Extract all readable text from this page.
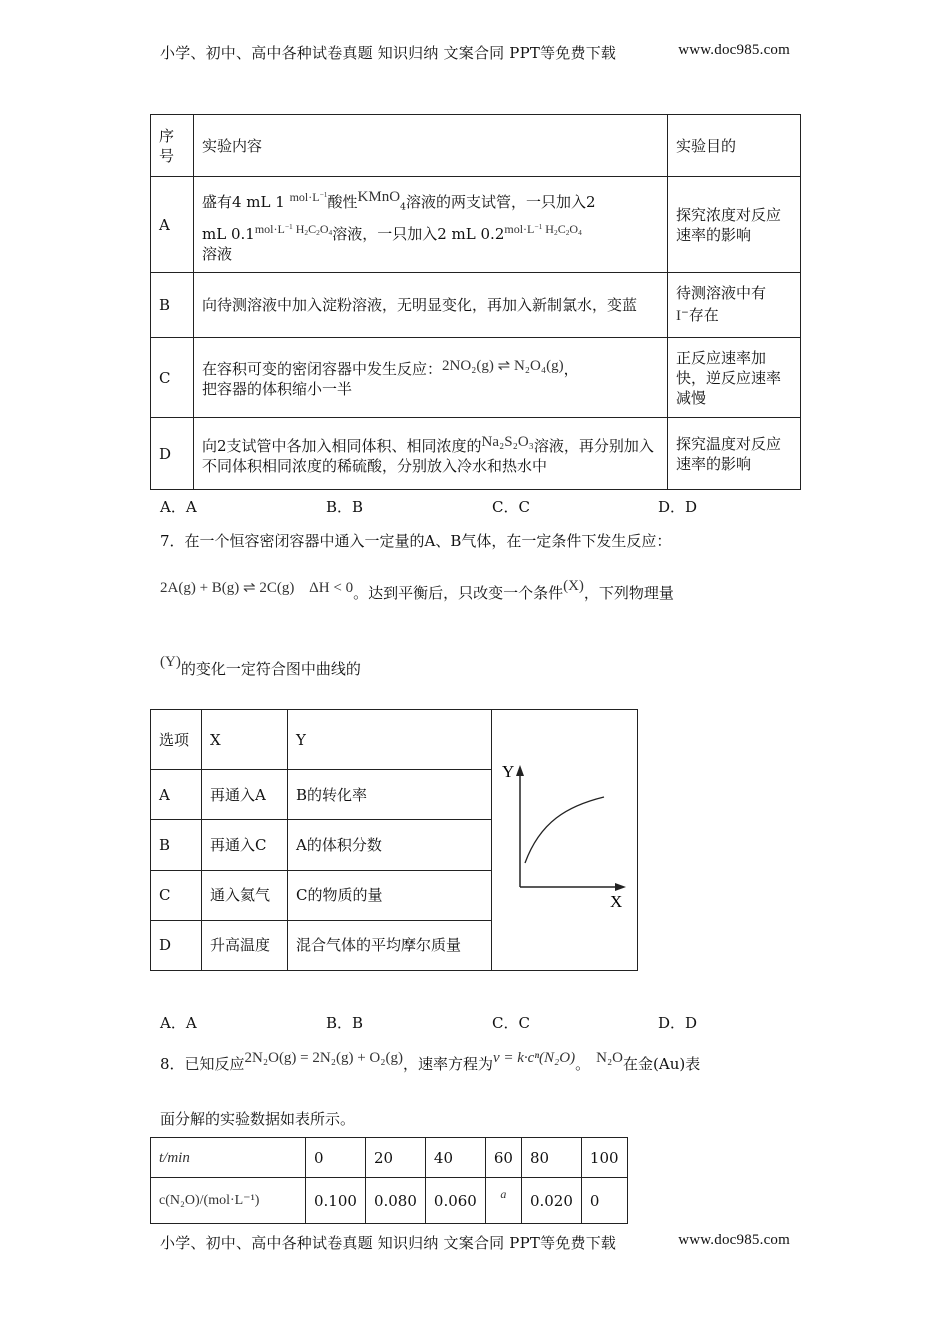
小学、初中、高中各种试卷真题 知识归纳 文案合同 PPT等免费下载	www.doc985.com
序号	实验内容	实验目的
A	盛有4 mL 1 $^{mol\cdot L^{-1}}$酸性KMnO$_4$溶液的两支试管，一只加入2
mL $0.1^{mol\cdot L^{-1} H_2C_2O_4}$溶液，一只加入2 mL $0.2^{mol\cdot L^{-1} H_2C_2O_4}$
溶液	探究浓度对反应速率的影响
B	向待测溶液中加入淀粉溶液，无明显变化，再加入新制氯水，变蓝	待测溶液中有
I−存在
C	在容积可变的密闭容器中发生反应：2NO₂(g) ⇌ N₂O₄(g)，
把容器的体积缩小一半	正反应速率加快，逆反应速率减慢
D	向2支试管中各加入相同体积、相同浓度的Na₂S₂O₃溶液，再分别加入不同体积相同浓度的稀硫酸，分别放入冷水和热水中	探究温度对反应速率的影响
A．A	B．B	C．C	D．D
7．在一个恒容密闭容器中通入一定量的A、B气体，在一定条件下发生反应：
2A(g) + B(g) ⇌ 2C(g) ΔH < 0。达到平衡后，只改变一个条件(X)，下列物理量
(Y)的变化一定符合图中曲线的
选项	X	Y	Y
X

A	再通入A	B的转化率	
B	再通入C	A的体积分数	
C	通入氦气	C的物质的量	
D	升高温度	混合气体的平均摩尔质量	
A．A	B．B	C．C	D．D
8．已知反应2N₂O(g) = 2N₂(g) + O₂(g)，速率方程为v = k·cⁿ(N₂O)。 N₂O在金(Au)表
面分解的实验数据如表所示。
t/min	0	20	40	60	80	100
c(N₂O)/(mol·L⁻¹)	0.100	0.080	0.060	a	0.020	0
小学、初中、高中各种试卷真题 知识归纳 文案合同 PPT等免费下载	www.doc985.com
